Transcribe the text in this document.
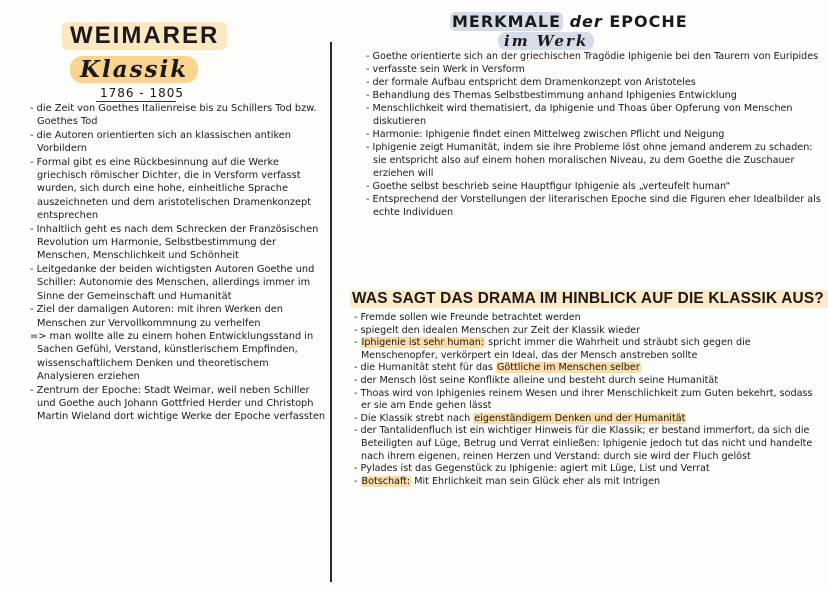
WEIMARER
Klassik
1786 - 1805

- die Zeit von Goethes Italienreise bis zu Schillers Tod bzw. Goethes Tod

- die Autoren orientierten sich an klassischen antiken Vorbildern

- Formal gibt es eine Rückbesinnung auf die Werke griechisch römischer Dichter, die in Versform verfasst wurden, sich durch eine hohe, einheitliche Sprache auszeichneten und dem aristotelischen Dramenkonzept entsprechen

- Inhaltlich geht es nach dem Schrecken der Französischen Revolution um Harmonie, Selbstbestimmung der Menschen, Menschlichkeit und Schönheit

- Leitgedanke der beiden wichtigsten Autoren Goethe und Schiller: Autonomie des Menschen, allerdings immer im Sinne der Gemeinschaft und Humanität

- Ziel der damaligen Autoren: mit ihren Werken den Menschen zur Vervollkommnung zu verhelfen

=> man wollte alle zu einem hohen Entwicklungsstand in Sachen Gefühl, Verstand, künstlerischem Empfinden, wissenschaftlichem Denken und theoretischem Analysieren erziehen

- Zentrum der Epoche: Stadt Weimar, weil neben Schiller und Goethe auch Johann Gottfried Herder und Christoph Martin Wieland dort wichtige Werke der Epoche verfassten

MERKMALE der EPOCHE
im Werk

- Goethe orientierte sich an der griechischen Tragödie Iphigenie bei den Taurern von Euripides

- verfasste sein Werk in Versform

- der formale Aufbau entspricht dem Dramenkonzept von Aristoteles

- Behandlung des Themas Selbstbestimmung anhand Iphigenies Entwicklung

- Menschlichkeit wird thematisiert, da Iphigenie und Thoas über Opferung von Menschen diskutieren

- Harmonie: Iphigenie findet einen Mittelweg zwischen Pflicht und Neigung

- Iphigenie zeigt Humanität, indem sie ihre Probleme löst ohne jemand anderem zu schaden: sie entspricht also auf einem hohen moralischen Niveau, zu dem Goethe die Zuschauer erziehen will

- Goethe selbst beschrieb seine Hauptfigur Iphigenie als „verteufelt human“

- Entsprechend der Vorstellungen der literarischen Epoche sind die Figuren eher Idealbilder als echte Individuen

WAS SAGT DAS DRAMA IM HINBLICK AUF DIE KLASSIK AUS?

- Fremde sollen wie Freunde betrachtet werden

- spiegelt den idealen Menschen zur Zeit der Klassik wieder

- Iphigenie ist sehr human: spricht immer die Wahrheit und sträubt sich gegen die Menschenopfer, verkörpert ein Ideal, das der Mensch anstreben sollte

- die Humanität steht für das Göttliche im Menschen selber

- der Mensch löst seine Konflikte alleine und besteht durch seine Humanität

- Thoas wird von Iphigenies reinem Wesen und ihrer Menschlichkeit zum Guten bekehrt, sodass er sie am Ende gehen lässt

- Die Klassik strebt nach eigenständigem Denken und der Humanität

- der Tantalidenfluch ist ein wichtiger Hinweis für die Klassik; er bestand immerfort, da sich die Beteiligten auf Lüge, Betrug und Verrat einließen: Iphigenie jedoch tut das nicht und handelte nach ihrem eigenen, reinen Herzen und Verstand: durch sie wird der Fluch gelöst

- Pylades ist das Gegenstück zu Iphigenie: agiert mit Lüge, List und Verrat

- Botschaft: Mit Ehrlichkeit man sein Glück eher als mit Intrigen
